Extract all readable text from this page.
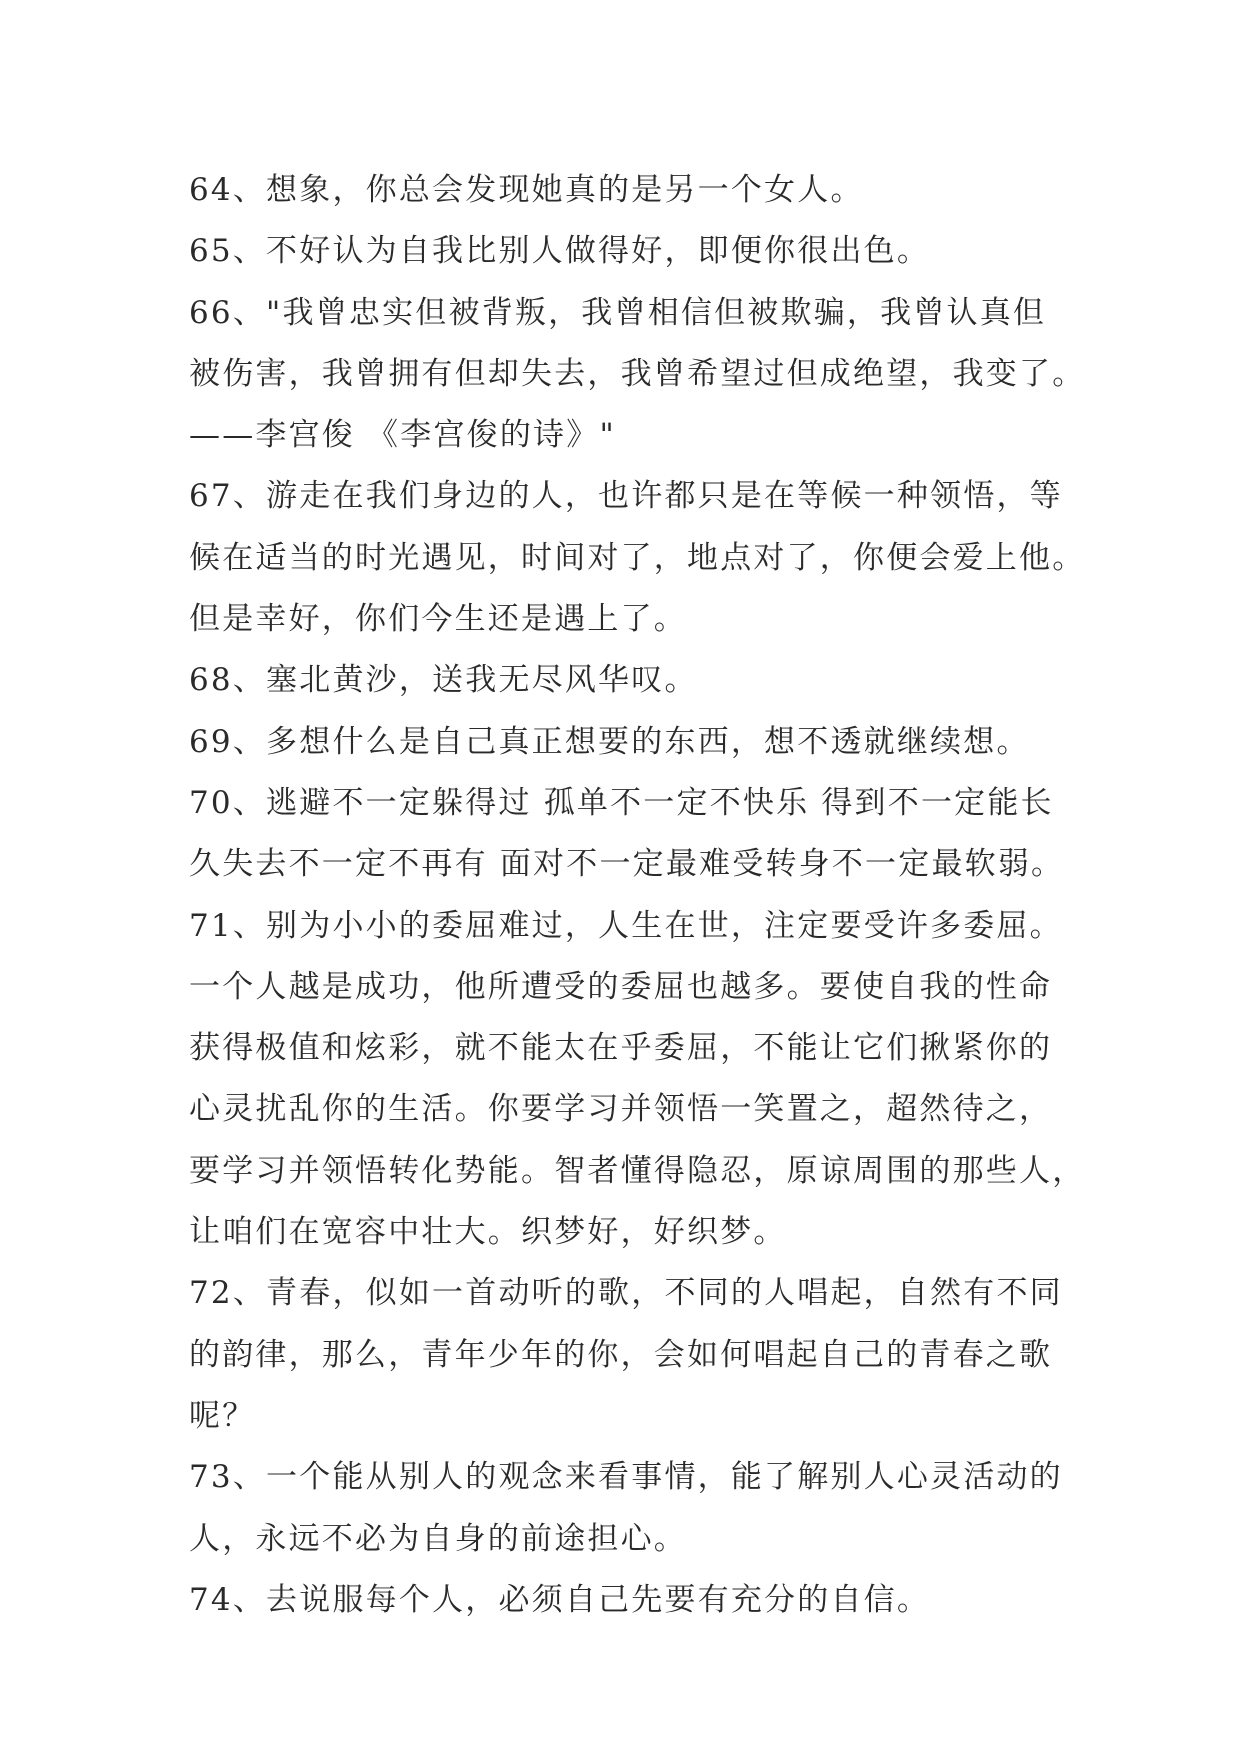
64、想象，你总会发现她真的是另一个女人。
65、不好认为自我比别人做得好，即便你很出色。
66、"我曾忠实但被背叛，我曾相信但被欺骗，我曾认真但
被伤害，我曾拥有但却失去，我曾希望过但成绝望，我变了。
——李宫俊 《李宫俊的诗》"
67、游走在我们身边的人，也许都只是在等候一种领悟，等
候在适当的时光遇见，时间对了，地点对了，你便会爱上他。
但是幸好，你们今生还是遇上了。
68、塞北黄沙，送我无尽风华叹。
69、多想什么是自己真正想要的东西，想不透就继续想。
70、逃避不一定躲得过 孤单不一定不快乐 得到不一定能长
久失去不一定不再有 面对不一定最难受转身不一定最软弱。
71、别为小小的委屈难过，人生在世，注定要受许多委屈。
一个人越是成功，他所遭受的委屈也越多。要使自我的性命
获得极值和炫彩，就不能太在乎委屈，不能让它们揪紧你的
心灵扰乱你的生活。你要学习并领悟一笑置之，超然待之，
要学习并领悟转化势能。智者懂得隐忍，原谅周围的那些人，
让咱们在宽容中壮大。织梦好，好织梦。
72、青春，似如一首动听的歌，不同的人唱起，自然有不同
的韵律，那么，青年少年的你，会如何唱起自己的青春之歌
呢？
73、一个能从别人的观念来看事情，能了解别人心灵活动的
人，永远不必为自身的前途担心。
74、去说服每个人，必须自己先要有充分的自信。
